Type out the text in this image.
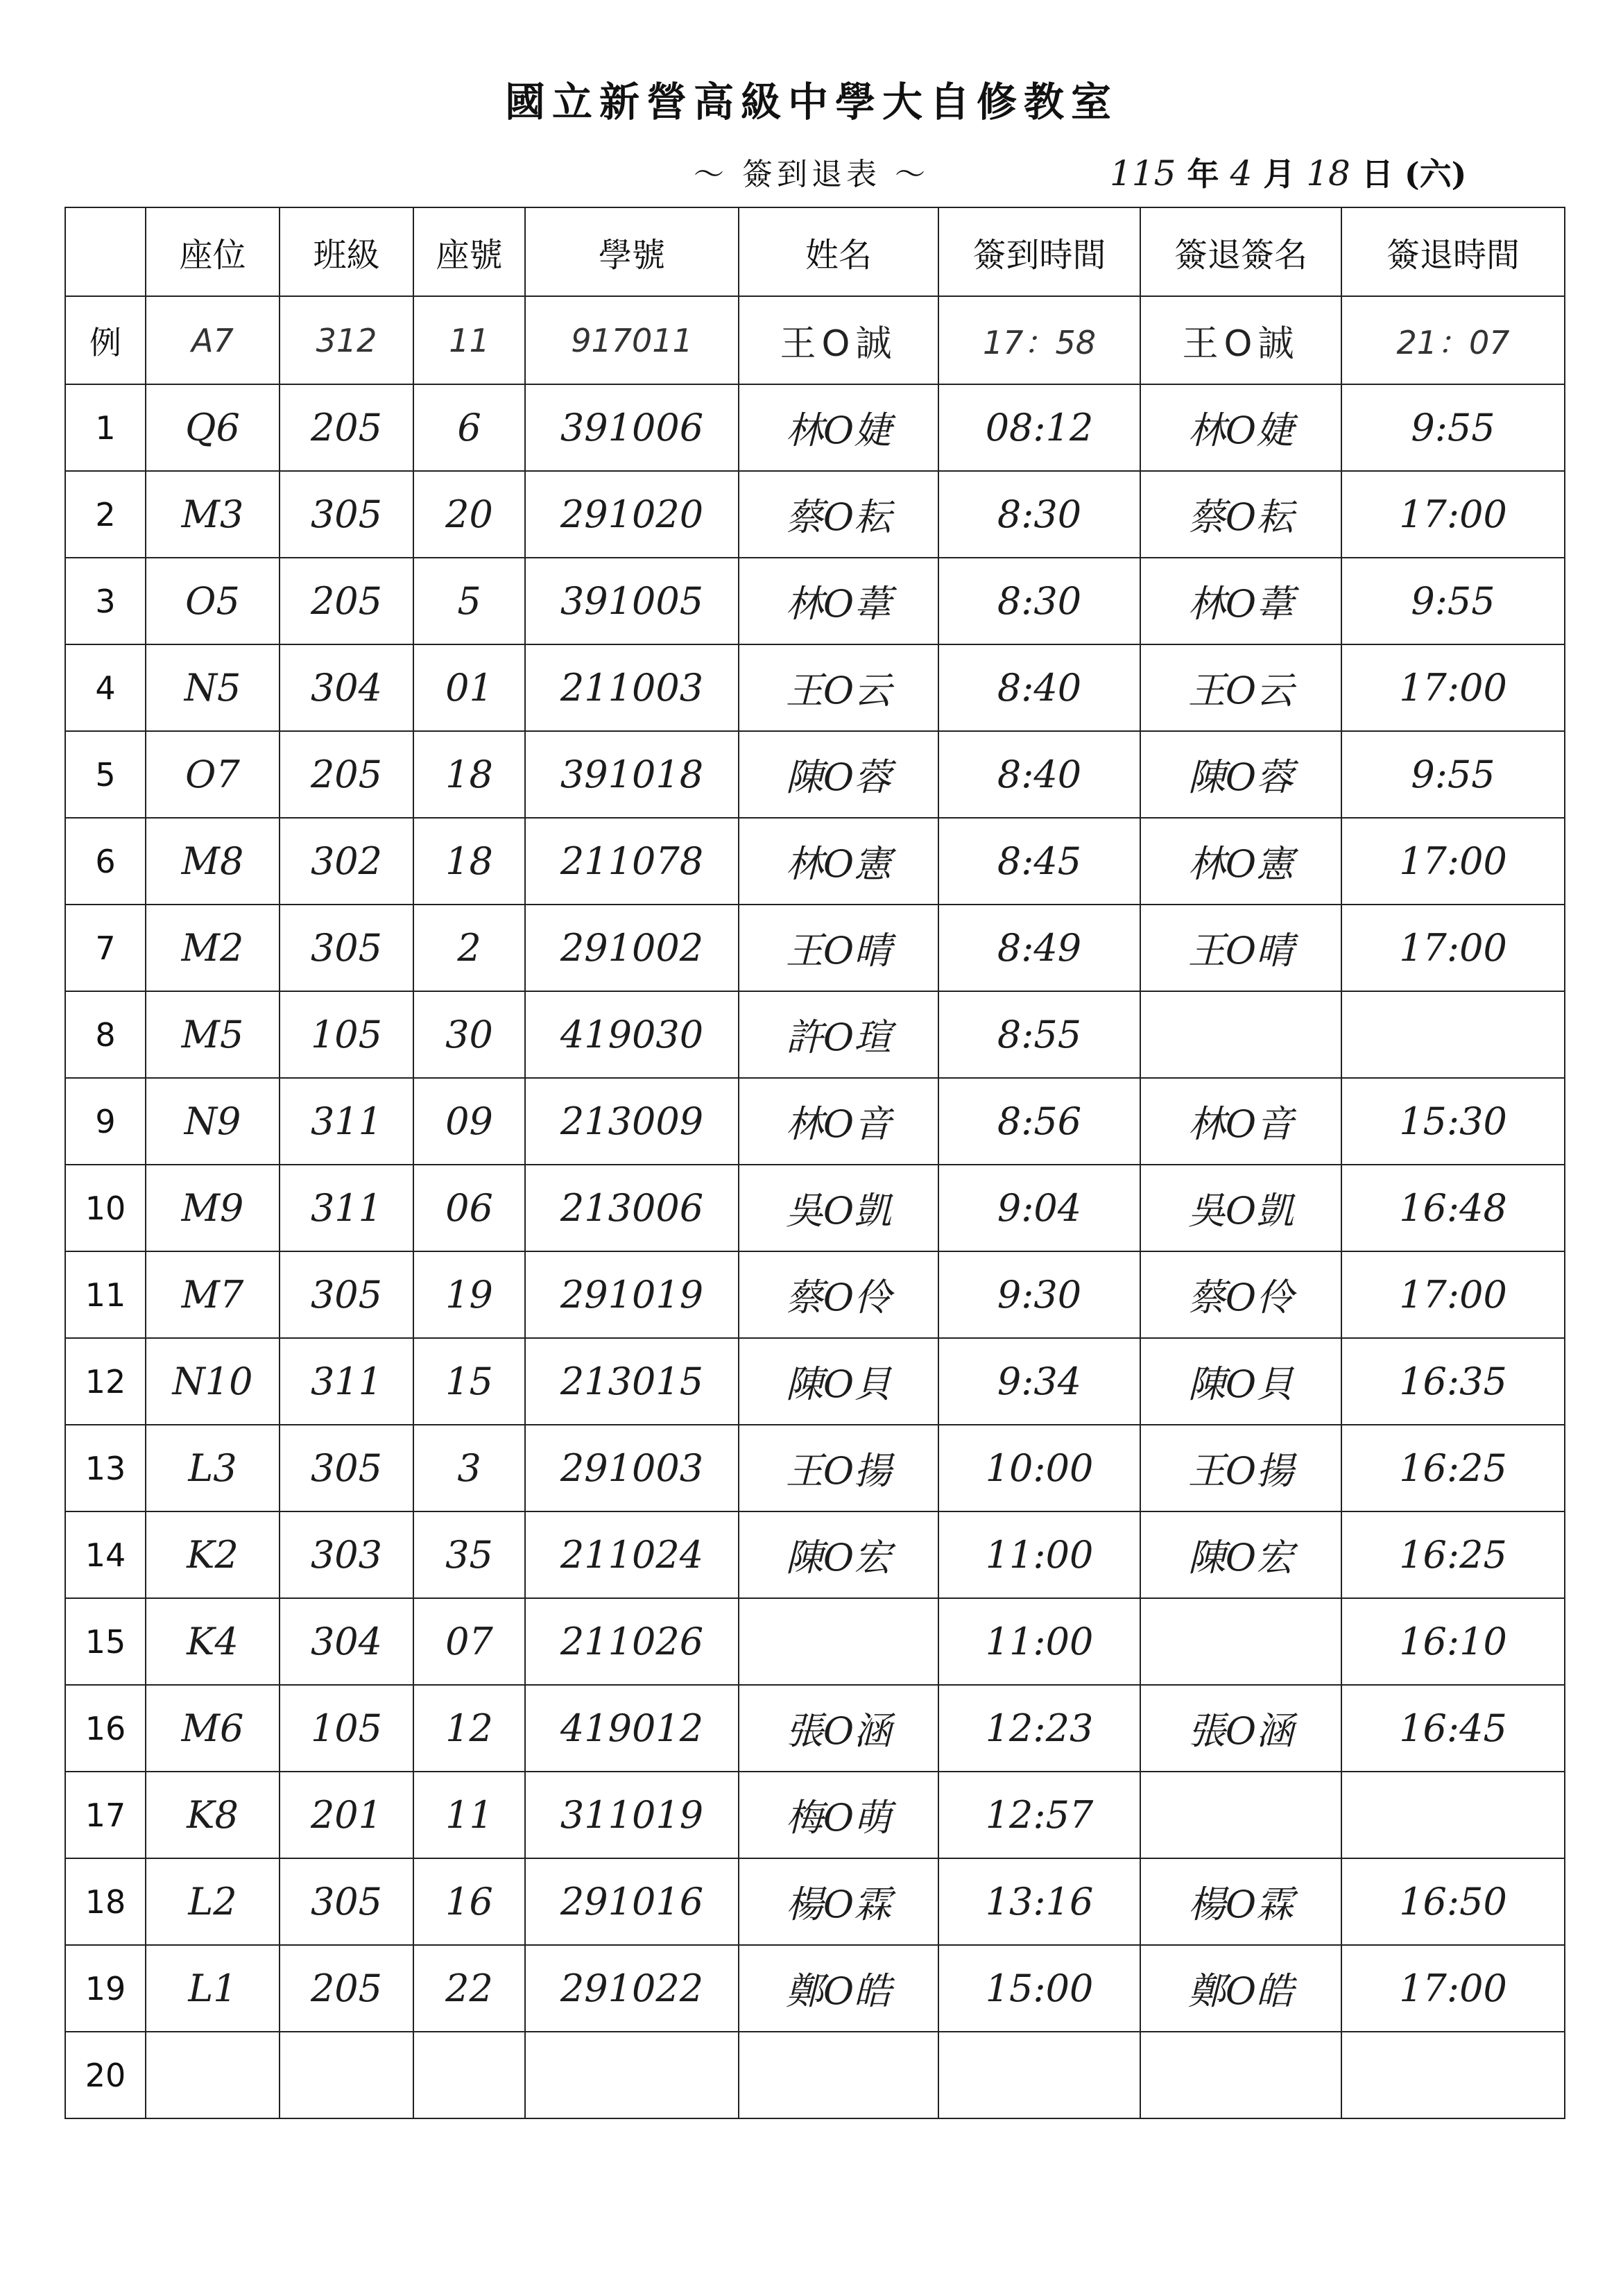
國立新營高級中學大自修教室
〜 簽到退表 〜	115 年 4 月 18 日 (六)
	座位	班級	座號	學號	姓名	簽到時間	簽退簽名	簽退時間
例	A7	312	11	917011	王O誠	17：58	王O誠	21：07
1	Q6	205	6	391006	林O婕	08:12	林O婕	9:55
2	M3	305	20	291020	蔡O耘	8:30	蔡O耘	17:00
3	O5	205	5	391005	林O葦	8:30	林O葦	9:55
4	N5	304	01	211003	王O云	8:40	王O云	17:00
5	O7	205	18	391018	陳O蓉	8:40	陳O蓉	9:55
6	M8	302	18	211078	林O憲	8:45	林O憲	17:00
7	M2	305	2	291002	王O晴	8:49	王O晴	17:00
8	M5	105	30	419030	許O瑄	8:55		
9	N9	311	09	213009	林O音	8:56	林O音	15:30
10	M9	311	06	213006	吳O凱	9:04	吳O凱	16:48
11	M7	305	19	291019	蔡O伶	9:30	蔡O伶	17:00
12	N10	311	15	213015	陳O貝	9:34	陳O貝	16:35
13	L3	305	3	291003	王O揚	10:00	王O揚	16:25
14	K2	303	35	211024	陳O宏	11:00	陳O宏	16:25
15	K4	304	07	211026		11:00		16:10
16	M6	105	12	419012	張O涵	12:23	張O涵	16:45
17	K8	201	11	311019	梅O萌	12:57		
18	L2	305	16	291016	楊O霖	13:16	楊O霖	16:50
19	L1	205	22	291022	鄭O皓	15:00	鄭O皓	17:00
20								
